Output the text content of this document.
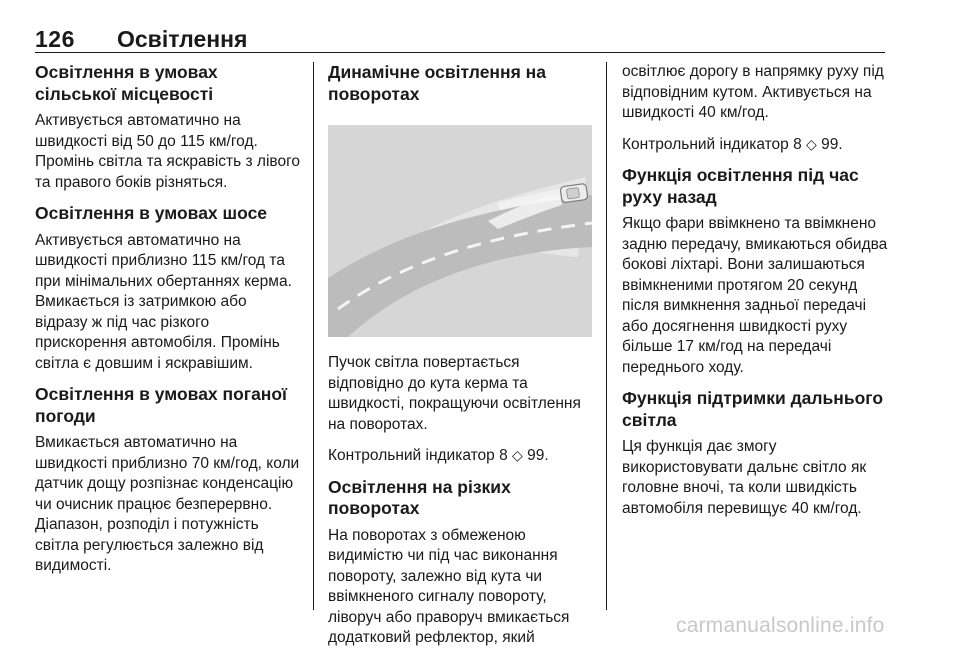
126 Освітлення
Освітлення в умовах сільської місцевості

Активується автоматично на швидкості від 50 до 115 км/год. Промінь світла та яскравість з лівого та правого боків різняться.

Освітлення в умовах шосе

Активується автоматично на швидкості приблизно 115 км/год та при мінімальних обертаннях керма. Вмикається із затримкою або відразу ж під час різкого прискорення автомобіля. Промінь світла є довшим і яскравішим.

Освітлення в умовах поганої погоди

Вмикається автоматично на швидкості приблизно 70 км/год, коли датчик дощу розпізнає конденсацію чи очисник працює безперервно. Діапазон, розподіл і потужність світла регулюється залежно від видимості.

Динамічне освітлення на поворотах

Пучок світла повертається відповідно до кута керма та швидкості, покращуючи освітлення на поворотах.

Контрольний індикатор 8 ◇ 99.

Освітлення на різких поворотах

На поворотах з обмеженою видимістю чи під час виконання повороту, залежно від кута чи ввімкненого сигналу повороту, ліворуч або праворуч вмикається додатковий рефлектор, який

освітлює дорогу в напрямку руху під відповідним кутом. Активується на швидкості 40 км/год.

Контрольний індикатор 8 ◇ 99.

Функція освітлення під час руху назад

Якщо фари ввімкнено та ввімкнено задню передачу, вмикаються обидва бокові ліхтарі. Вони залишаються ввімкненими протягом 20 секунд після вимкнення задньої передачі або досягнення швидкості руху більше 17 км/год на передачі переднього ходу.

Функція підтримки дальнього світла

Ця функція дає змогу використовувати дальнє світло як головне вночі, та коли швидкість автомобіля перевищує 40 км/год.

carmanualsonline.info
